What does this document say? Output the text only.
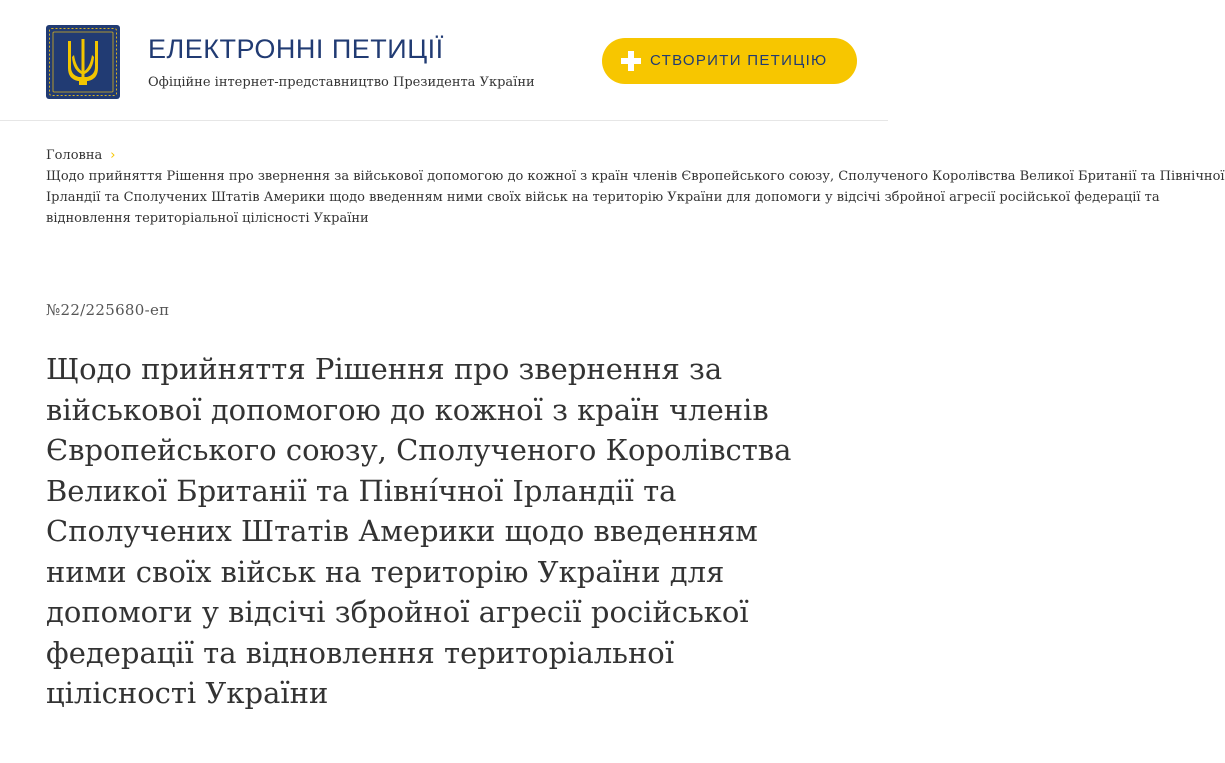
ЕЛЕКТРОННІ ПЕТИЦІЇ
Офіційне інтернет-представництво Президента України
СТВОРИТИ ПЕТИЦІЮ
Головна ›
Щодо прийняття Рішення про звернення за військової допомогою до кожної з країн членів Європейського союзу, Сполученого Королівства Великої Британії та Північної
Ірландії та Сполучених Штатів Америки щодо введенням ними своїх військ на територію України для допомоги у відсічі збройної агресії російської федерації та
відновлення територіальної цілісності України
№22/225680-еп
Щодо прийняття Рішення про звернення за
військової допомогою до кожної з країн членів
Європейського союзу, Сполученого Королівства
Великої Британії та Півні́чної Ірландії та
Сполучених Штатів Америки щодо введенням
ними своїх військ на територію України для
допомоги у відсічі збройної агресії російської
федерації та відновлення територіальної
цілісності України
